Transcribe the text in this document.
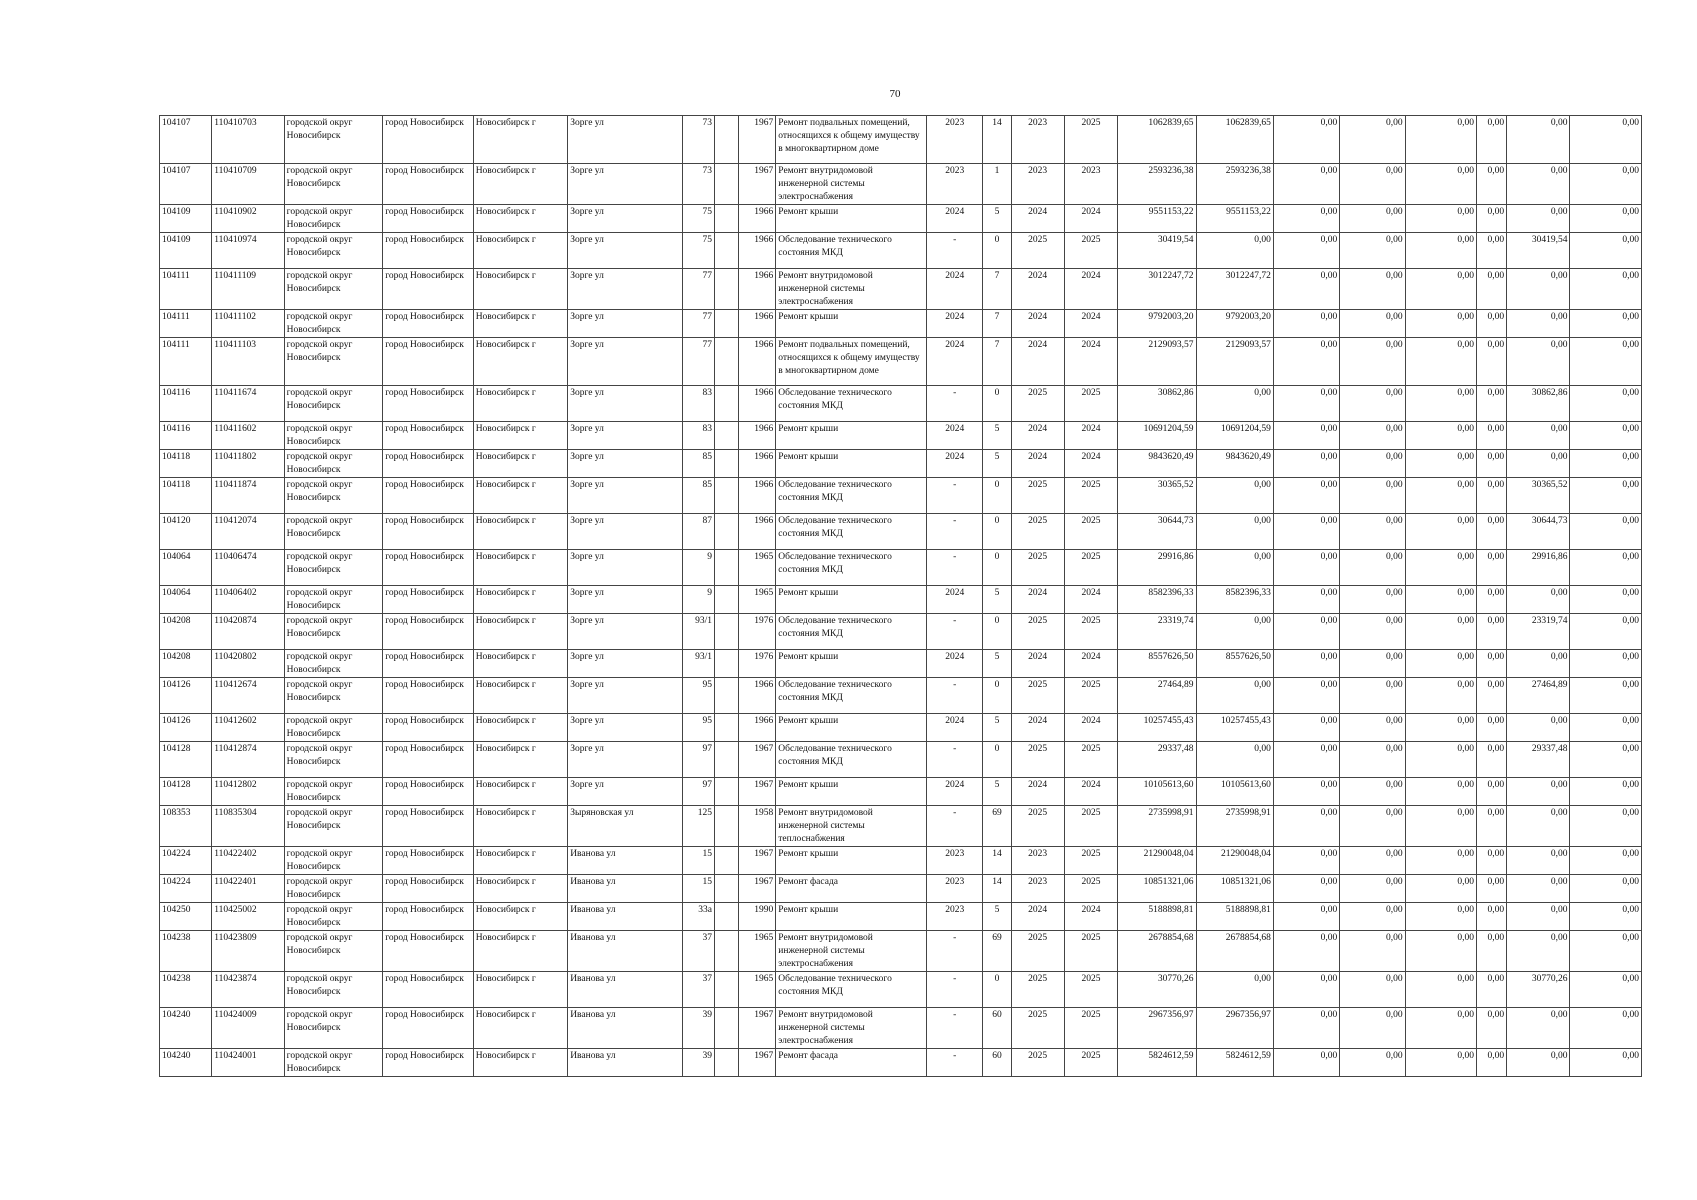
70
104107	110410703	городской округ Новосибирск	город Новосибирск	Новосибирск г	Зорге ул	73		1967	Ремонт подвальных помещений, относящихся к общему имуществу в многоквартирном доме	2023	14	2023	2025	1062839,65	1062839,65	0,00	0,00	0,00	0,00	0,00	0,00
104107	110410709	городской округ Новосибирск	город Новосибирск	Новосибирск г	Зорге ул	73		1967	Ремонт внутридомовой инженерной системы электроснабжения	2023	1	2023	2023	2593236,38	2593236,38	0,00	0,00	0,00	0,00	0,00	0,00
104109	110410902	городской округ Новосибирск	город Новосибирск	Новосибирск г	Зорге ул	75		1966	Ремонт крыши	2024	5	2024	2024	9551153,22	9551153,22	0,00	0,00	0,00	0,00	0,00	0,00
104109	110410974	городской округ Новосибирск	город Новосибирск	Новосибирск г	Зорге ул	75		1966	Обследование технического состояния МКД	-	0	2025	2025	30419,54	0,00	0,00	0,00	0,00	0,00	30419,54	0,00
104111	110411109	городской округ Новосибирск	город Новосибирск	Новосибирск г	Зорге ул	77		1966	Ремонт внутридомовой инженерной системы электроснабжения	2024	7	2024	2024	3012247,72	3012247,72	0,00	0,00	0,00	0,00	0,00	0,00
104111	110411102	городской округ Новосибирск	город Новосибирск	Новосибирск г	Зорге ул	77		1966	Ремонт крыши	2024	7	2024	2024	9792003,20	9792003,20	0,00	0,00	0,00	0,00	0,00	0,00
104111	110411103	городской округ Новосибирск	город Новосибирск	Новосибирск г	Зорге ул	77		1966	Ремонт подвальных помещений, относящихся к общему имуществу в многоквартирном доме	2024	7	2024	2024	2129093,57	2129093,57	0,00	0,00	0,00	0,00	0,00	0,00
104116	110411674	городской округ Новосибирск	город Новосибирск	Новосибирск г	Зорге ул	83		1966	Обследование технического состояния МКД	-	0	2025	2025	30862,86	0,00	0,00	0,00	0,00	0,00	30862,86	0,00
104116	110411602	городской округ Новосибирск	город Новосибирск	Новосибирск г	Зорге ул	83		1966	Ремонт крыши	2024	5	2024	2024	10691204,59	10691204,59	0,00	0,00	0,00	0,00	0,00	0,00
104118	110411802	городской округ Новосибирск	город Новосибирск	Новосибирск г	Зорге ул	85		1966	Ремонт крыши	2024	5	2024	2024	9843620,49	9843620,49	0,00	0,00	0,00	0,00	0,00	0,00
104118	110411874	городской округ Новосибирск	город Новосибирск	Новосибирск г	Зорге ул	85		1966	Обследование технического состояния МКД	-	0	2025	2025	30365,52	0,00	0,00	0,00	0,00	0,00	30365,52	0,00
104120	110412074	городской округ Новосибирск	город Новосибирск	Новосибирск г	Зорге ул	87		1966	Обследование технического состояния МКД	-	0	2025	2025	30644,73	0,00	0,00	0,00	0,00	0,00	30644,73	0,00
104064	110406474	городской округ Новосибирск	город Новосибирск	Новосибирск г	Зорге ул	9		1965	Обследование технического состояния МКД	-	0	2025	2025	29916,86	0,00	0,00	0,00	0,00	0,00	29916,86	0,00
104064	110406402	городской округ Новосибирск	город Новосибирск	Новосибирск г	Зорге ул	9		1965	Ремонт крыши	2024	5	2024	2024	8582396,33	8582396,33	0,00	0,00	0,00	0,00	0,00	0,00
104208	110420874	городской округ Новосибирск	город Новосибирск	Новосибирск г	Зорге ул	93/1		1976	Обследование технического состояния МКД	-	0	2025	2025	23319,74	0,00	0,00	0,00	0,00	0,00	23319,74	0,00
104208	110420802	городской округ Новосибирск	город Новосибирск	Новосибирск г	Зорге ул	93/1		1976	Ремонт крыши	2024	5	2024	2024	8557626,50	8557626,50	0,00	0,00	0,00	0,00	0,00	0,00
104126	110412674	городской округ Новосибирск	город Новосибирск	Новосибирск г	Зорге ул	95		1966	Обследование технического состояния МКД	-	0	2025	2025	27464,89	0,00	0,00	0,00	0,00	0,00	27464,89	0,00
104126	110412602	городской округ Новосибирск	город Новосибирск	Новосибирск г	Зорге ул	95		1966	Ремонт крыши	2024	5	2024	2024	10257455,43	10257455,43	0,00	0,00	0,00	0,00	0,00	0,00
104128	110412874	городской округ Новосибирск	город Новосибирск	Новосибирск г	Зорге ул	97		1967	Обследование технического состояния МКД	-	0	2025	2025	29337,48	0,00	0,00	0,00	0,00	0,00	29337,48	0,00
104128	110412802	городской округ Новосибирск	город Новосибирск	Новосибирск г	Зорге ул	97		1967	Ремонт крыши	2024	5	2024	2024	10105613,60	10105613,60	0,00	0,00	0,00	0,00	0,00	0,00
108353	110835304	городской округ Новосибирск	город Новосибирск	Новосибирск г	Зыряновская ул	125		1958	Ремонт внутридомовой инженерной системы теплоснабжения	-	69	2025	2025	2735998,91	2735998,91	0,00	0,00	0,00	0,00	0,00	0,00
104224	110422402	городской округ Новосибирск	город Новосибирск	Новосибирск г	Иванова ул	15		1967	Ремонт крыши	2023	14	2023	2025	21290048,04	21290048,04	0,00	0,00	0,00	0,00	0,00	0,00
104224	110422401	городской округ Новосибирск	город Новосибирск	Новосибирск г	Иванова ул	15		1967	Ремонт фасада	2023	14	2023	2025	10851321,06	10851321,06	0,00	0,00	0,00	0,00	0,00	0,00
104250	110425002	городской округ Новосибирск	город Новосибирск	Новосибирск г	Иванова ул	33а		1990	Ремонт крыши	2023	5	2024	2024	5188898,81	5188898,81	0,00	0,00	0,00	0,00	0,00	0,00
104238	110423809	городской округ Новосибирск	город Новосибирск	Новосибирск г	Иванова ул	37		1965	Ремонт внутридомовой инженерной системы электроснабжения	-	69	2025	2025	2678854,68	2678854,68	0,00	0,00	0,00	0,00	0,00	0,00
104238	110423874	городской округ Новосибирск	город Новосибирск	Новосибирск г	Иванова ул	37		1965	Обследование технического состояния МКД	-	0	2025	2025	30770,26	0,00	0,00	0,00	0,00	0,00	30770,26	0,00
104240	110424009	городской округ Новосибирск	город Новосибирск	Новосибирск г	Иванова ул	39		1967	Ремонт внутридомовой инженерной системы электроснабжения	-	60	2025	2025	2967356,97	2967356,97	0,00	0,00	0,00	0,00	0,00	0,00
104240	110424001	городской округ Новосибирск	город Новосибирск	Новосибирск г	Иванова ул	39		1967	Ремонт фасада	-	60	2025	2025	5824612,59	5824612,59	0,00	0,00	0,00	0,00	0,00	0,00
